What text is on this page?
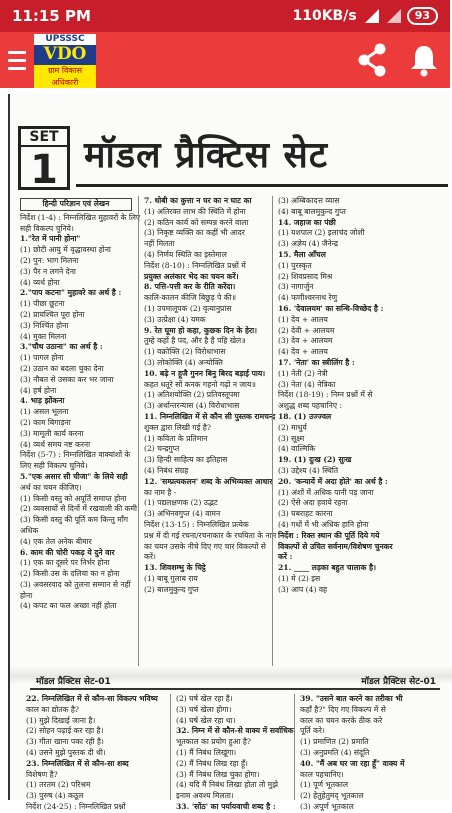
11:15 PM	110KB/s	93
UPSSSC
VDO
ग्राम विकास अधिकारी
SET
1 मॉडल प्रैक्टिस सेट
हिन्दी परिज्ञान एवं लेखन
निर्देश (1-4) : निम्नलिखित मुहावरों के लिए
सही विकल्प चुनिये।
1."रेत में पानी होना"
(1) छोटी आयु में वृद्धावस्था होना
(2) पुन: भाग मिलना
(3) पैर न लगने देना
(4) व्यर्थ होना
2."पाप कटना" मुहावरे का अर्थ है :
(1) पीछा छूटना
(2) प्रायश्चित पूरा होना
(3) निश्चिंत होना
(4) मुक्त मिलना
3."चौथ उठाना" का अर्थ है :
(1) पागल होना
(2) उठान का बदला चुका देना
(3) नौबत से उसका कर भर जाना
(4) हर्ष होना
4. भाड़ झोंकना
(1) असल भूलना
(2) काम बिगाड़ना
(3) मामूली कार्य करना
(4) व्यर्थ समय नष्ट करना
निर्देश (5-7) : निम्नलिखित वाक्यांशों के
लिए सही विकल्प चुनिये।
5."एक असार सी चीजा" के लिये सही
अर्थ का चयन कीजिए।
(1) किसी वस्तु को अपूर्ति समाप्त होना
(2) व्यवसायों से दिनों में रखवाली की कमी
(3) किसी वस्तु की पूर्ति कम किन्तु माँग
अधिक
(4) एक तेल अनेक बीमार
6. काम की चोरी पकड़ ये दुने वार
(1) एक का दूसरे पर निर्भर होना
(2) किसी उस के दलिया का न होना
(3) अवसरवाद को तुलना सम्मान से नहीं
होना
(4) कपट का फल अच्छा नहीं होता
7. धोबी का कुत्ता न घर का न घाट का
(1) अतिरक्त लाभ की स्थिति में होना
(2) कठिन कार्य को सम्पन्न करने वाला
(3) निकृष्ट व्यक्ति का कहीं भी आदर
नहीं मिलता
(4) निर्णय स्थिति का इस्तेमाल
निर्देश (8-10) : निम्नलिखित प्रश्नों में
प्रयुक्त अलंकार भेद का चयन करें।
8. पत्ति-पत्ती कर के रीति करेंदा।
कालि-कालन कीजि बिछुड़ पे की॥
(1) उपमालूपक (2) वृत्यानुप्रास
(3) उत्प्रेक्षा (4) यमक
9. रेत घूमा हो कहा, कुछक दिन के हेरा।
तुम्हे कहों है पद, और है है पहि खेल॥
(1) वक्रोक्ति (2) विरोधाभास
(3) लोकोक्ति (4) अन्योक्ति
10. बढ़े न हूजै गुनन बिनु बिरद बड़ाई पाय।
कहत धतूरे सों कनक गहनो गढ़ो न जाय॥
(1) अतिशयोक्ति (2) प्रतिवस्तूपमा
(3) अर्थान्तरन्यास (4) विरोधाभास
11. निम्नलिखित में से कौन सी पुस्तक रामचन्द्र
शुक्ल द्वारा लिखी गई है?
(1) कविता के प्रतिमान
(2) चन्द्रगुप्त
(3) हिन्दी साहित्य का इतिहास
(4) निबंध संग्रह
12. 'सम्प्रत्यकलन' शब्द के अभिव्यक्त आधार
का नाम है -
(1) पद्यलक्षणक (2) उद्भट
(3) अभिनवगुप्त (4) वामन
निर्देश (13-15) : निम्नलिखित प्रत्येक
प्रश्न में दी गई रचना/रचनाकार के रचयिता के नाम
का चयन उसके नीचे दिए गए चार विकल्पों से
करें।
13. शिवशम्भु के चिट्ठे
(1) बाबू गुलाब राय
(2) बालमुकुन्द गुप्त
(3) अम्बिकादत्त व्यास
(4) बाबू बालमुकुन्द गुप्त
14. जहाज का पंछी
(1) यशपाल (2) इलाचंद जोशी
(3) अज्ञेय (4) जैनेन्द्र
15. मैला आँचल
(1) पुरस्कृत
(2) शिवप्रसाद मिश्र
(3) नागार्जुन
(4) फणीश्वरनाथ रेणु
16. 'देवालयम' का सन्धि-विच्छेद है :
(1) देव + आलय
(2) देवी + आलयम
(3) देव + आलयम
(4) देव + आलय
17. 'नेता' का स्त्रीलिंग है :
(1) नेती (2) नेत्री
(3) नेता (4) नेत्रिका
निर्देश (18-19) : निम्न प्रश्नों में से
अशुद्ध शब्द पहचानिए :
18. (1) उज्ज्वल
(2) माधुर्य
(3) सूक्ष्म
(4) वाल्मिकि
19. (1) दुःख (2) सुःख
(3) उद्देश्य (4) स्थिति
20. 'कन्यायें में अदा होते' का अर्थ है :
(1) अंशों में अधिक पानी पड़ जाना
(2) ऐसे अदा हवाये रहना
(3) घबराहट कारना
(4) गधों में भी अधिक हानि होना
निर्देश : रिक्त स्थान की पूर्ति दिये गये
विकल्पों से उचित सर्वनाम/विशेषण चुनकर
करें :
21. ____ लड़का बहुत चालाक है।
(1) मे (2) इस
(3) आप (4) वह
मॉडल प्रैक्टिस सेट-01	मॉडल प्रैक्टिस सेट-01
22. निम्नलिखित में से कौन-सा विकल्प भविष्य
काल का द्योतक है?
(1) मुझे दिखाई जाना है।
(2) सोहन पढ़ाई कर रहा है।
(3) गीता खाना पका रही है।
(4) उसने मुझे पुस्तक दी थी।
23. निम्नलिखित में से कौन-सा शब्द
विशेषण है?
(1) तरतम (2) परिश्रम
(3) पुरुष (4) कठूल
निर्देश (24-25) : निम्नलिखित प्रश्नों
(2) घर्ष खेल रहा है।
(3) घर्ष खेला होगा।
(4) घर्ष खेल रहा था।
32. निम्न में से कौन-से वाक्य में सर्वाधिक
भूतकाल का प्रयोग हुआ है?
(1) मैं निबंध लिखूंगा।
(2) मैं निबंध लिख रहा हूँ।
(3) मैं निबंध लिख चुका होगा।
(4) यदि मैं निबंध लिखा होता तो मुझे
इनाम अवश्य मिलता।
33. 'सोंठ' का पर्यायवाची शब्द है :
39. "उसने बात करने का तरीका भी
कहाँ है?" दिए गए विकल्प में से
काल का चयन करके ठीक करे
पूर्ति करे।
(1) प्रमाणित (2) प्रमाति
(3) अनुप्रमति (4) संदूति
40. "मैं अब घर जा रहा हूँ" वाक्य में
काल पहचानिए।
(1) पूर्ण भूतकाल
(2) हेतुहेतुमद् भूतकाल
(3) अपूर्ण भूतकाल
